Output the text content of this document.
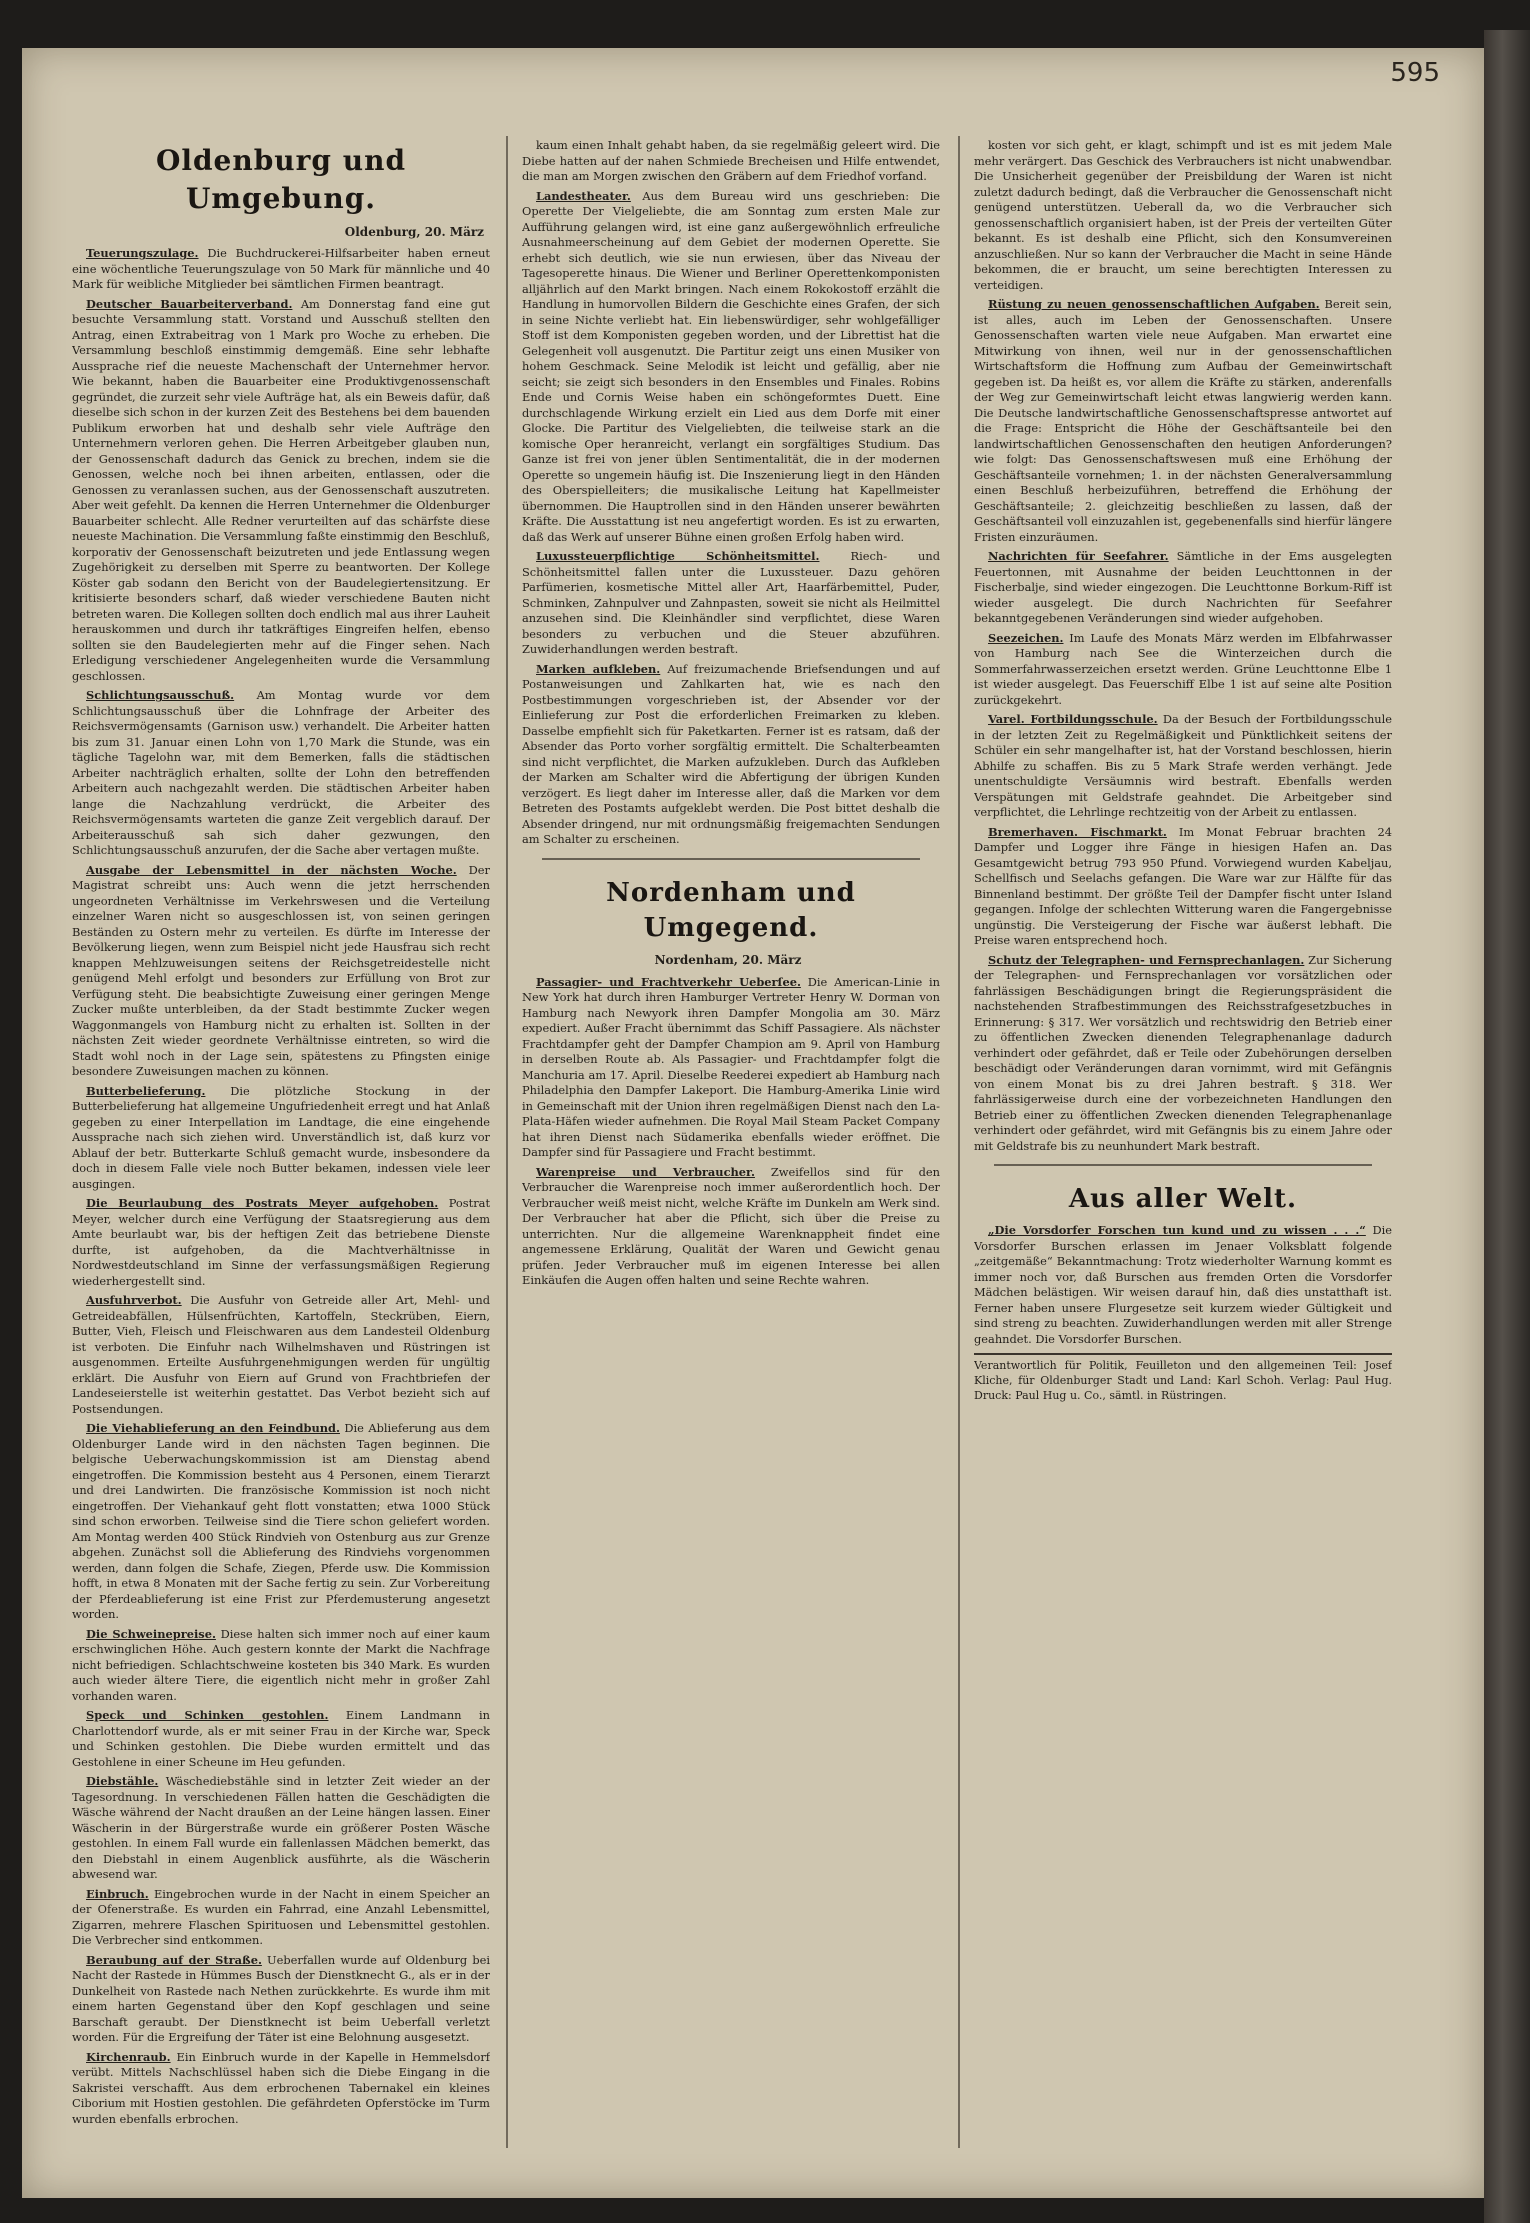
595
Oldenburg und Umgebung.
Oldenburg, 20. März

Teuerungszulage. Die Buchdruckerei-Hilfsarbeiter haben erneut eine wöchentliche Teuerungszulage von 50 Mark für männliche und 40 Mark für weibliche Mitglieder bei sämtlichen Firmen beantragt.

Deutscher Bauarbeiterverband. Am Donnerstag fand eine gut besuchte Versammlung statt. Vorstand und Ausschuß stellten den Antrag, einen Extrabeitrag von 1 Mark pro Woche zu erheben. Die Versammlung beschloß einstimmig demgemäß. Eine sehr lebhafte Aussprache rief die neueste Machenschaft der Unternehmer hervor. Wie bekannt, haben die Bauarbeiter eine Produktivgenossenschaft gegründet, die zurzeit sehr viele Aufträge hat, als ein Beweis dafür, daß dieselbe sich schon in der kurzen Zeit des Bestehens bei dem bauenden Publikum erworben hat und deshalb sehr viele Aufträge den Unternehmern verloren gehen. Die Herren Arbeitgeber glauben nun, der Genossenschaft dadurch das Genick zu brechen, indem sie die Genossen, welche noch bei ihnen arbeiten, entlassen, oder die Genossen zu veranlassen suchen, aus der Genossenschaft auszutreten. Aber weit gefehlt. Da kennen die Herren Unternehmer die Oldenburger Bauarbeiter schlecht. Alle Redner verurteilten auf das schärfste diese neueste Machination. Die Versammlung faßte einstimmig den Beschluß, korporativ der Genossenschaft beizutreten und jede Entlassung wegen Zugehörigkeit zu derselben mit Sperre zu beantworten. Der Kollege Köster gab sodann den Bericht von der Baudelegiertensitzung. Er kritisierte besonders scharf, daß wieder verschiedene Bauten nicht betreten waren. Die Kollegen sollten doch endlich mal aus ihrer Lauheit herauskommen und durch ihr tatkräftiges Eingreifen helfen, ebenso sollten sie den Baudelegierten mehr auf die Finger sehen. Nach Erledigung verschiedener Angelegenheiten wurde die Versammlung geschlossen.

Schlichtungsausschuß. Am Montag wurde vor dem Schlichtungsausschuß über die Lohnfrage der Arbeiter des Reichsvermögensamts (Garnison usw.) verhandelt. Die Arbeiter hatten bis zum 31. Januar einen Lohn von 1,70 Mark die Stunde, was ein tägliche Tagelohn war, mit dem Bemerken, falls die städtischen Arbeiter nachträglich erhalten, sollte der Lohn den betreffenden Arbeitern auch nachgezahlt werden. Die städtischen Arbeiter haben lange die Nachzahlung verdrückt, die Arbeiter des Reichsvermögensamts warteten die ganze Zeit vergeblich darauf. Der Arbeiterausschuß sah sich daher gezwungen, den Schlichtungsausschuß anzurufen, der die Sache aber vertagen mußte.

Ausgabe der Lebensmittel in der nächsten Woche. Der Magistrat schreibt uns: Auch wenn die jetzt herrschenden ungeordneten Verhältnisse im Verkehrswesen und die Verteilung einzelner Waren nicht so ausgeschlossen ist, von seinen geringen Beständen zu Ostern mehr zu verteilen. Es dürfte im Interesse der Bevölkerung liegen, wenn zum Beispiel nicht jede Hausfrau sich recht knappen Mehlzuweisungen seitens der Reichsgetreidestelle nicht genügend Mehl erfolgt und besonders zur Erfüllung von Brot zur Verfügung steht. Die beabsichtigte Zuweisung einer geringen Menge Zucker mußte unterbleiben, da der Stadt bestimmte Zucker wegen Waggonmangels von Hamburg nicht zu erhalten ist. Sollten in der nächsten Zeit wieder geordnete Verhältnisse eintreten, so wird die Stadt wohl noch in der Lage sein, spätestens zu Pfingsten einige besondere Zuweisungen machen zu können.

Butterbelieferung. Die plötzliche Stockung in der Butterbelieferung hat allgemeine Ungufriedenheit erregt und hat Anlaß gegeben zu einer Interpellation im Landtage, die eine eingehende Aussprache nach sich ziehen wird. Unverständlich ist, daß kurz vor Ablauf der betr. Butterkarte Schluß gemacht wurde, insbesondere da doch in diesem Falle viele noch Butter bekamen, indessen viele leer ausgingen.

Die Beurlaubung des Postrats Meyer aufgehoben. Postrat Meyer, welcher durch eine Verfügung der Staatsregierung aus dem Amte beurlaubt war, bis der heftigen Zeit das betriebene Dienste durfte, ist aufgehoben, da die Machtverhältnisse in Nordwestdeutschland im Sinne der verfassungsmäßigen Regierung wiederhergestellt sind.

Ausfuhrverbot. Die Ausfuhr von Getreide aller Art, Mehl- und Getreideabfällen, Hülsenfrüchten, Kartoffeln, Steckrüben, Eiern, Butter, Vieh, Fleisch und Fleischwaren aus dem Landesteil Oldenburg ist verboten. Die Einfuhr nach Wilhelmshaven und Rüstringen ist ausgenommen. Erteilte Ausfuhrgenehmigungen werden für ungültig erklärt. Die Ausfuhr von Eiern auf Grund von Frachtbriefen der Landeseierstelle ist weiterhin gestattet. Das Verbot bezieht sich auf Postsendungen.

Die Viehablieferung an den Feindbund. Die Ablieferung aus dem Oldenburger Lande wird in den nächsten Tagen beginnen. Die belgische Ueberwachungskommission ist am Dienstag abend eingetroffen. Die Kommission besteht aus 4 Personen, einem Tierarzt und drei Landwirten. Die französische Kommission ist noch nicht eingetroffen. Der Viehankauf geht flott vonstatten; etwa 1000 Stück sind schon erworben. Teilweise sind die Tiere schon geliefert worden. Am Montag werden 400 Stück Rindvieh von Ostenburg aus zur Grenze abgehen. Zunächst soll die Ablieferung des Rindviehs vorgenommen werden, dann folgen die Schafe, Ziegen, Pferde usw. Die Kommission hofft, in etwa 8 Monaten mit der Sache fertig zu sein. Zur Vorbereitung der Pferdeablieferung ist eine Frist zur Pferdemusterung angesetzt worden.

Die Schweinepreise. Diese halten sich immer noch auf einer kaum erschwinglichen Höhe. Auch gestern konnte der Markt die Nachfrage nicht befriedigen. Schlachtschweine kosteten bis 340 Mark. Es wurden auch wieder ältere Tiere, die eigentlich nicht mehr in großer Zahl vorhanden waren.

Speck und Schinken gestohlen. Einem Landmann in Charlottendorf wurde, als er mit seiner Frau in der Kirche war, Speck und Schinken gestohlen. Die Diebe wurden ermittelt und das Gestohlene in einer Scheune im Heu gefunden.

Diebstähle. Wäschediebstähle sind in letzter Zeit wieder an der Tagesordnung. In verschiedenen Fällen hatten die Geschädigten die Wäsche während der Nacht draußen an der Leine hängen lassen. Einer Wäscherin in der Bürgerstraße wurde ein größerer Posten Wäsche gestohlen. In einem Fall wurde ein fallenlassen Mädchen bemerkt, das den Diebstahl in einem Augenblick ausführte, als die Wäscherin abwesend war.

Einbruch. Eingebrochen wurde in der Nacht in einem Speicher an der Ofenerstraße. Es wurden ein Fahrrad, eine Anzahl Lebensmittel, Zigarren, mehrere Flaschen Spirituosen und Lebensmittel gestohlen. Die Verbrecher sind entkommen.

Beraubung auf der Straße. Ueberfallen wurde auf Oldenburg bei Nacht der Rastede in Hümmes Busch der Dienstknecht G., als er in der Dunkelheit von Rastede nach Nethen zurückkehrte. Es wurde ihm mit einem harten Gegenstand über den Kopf geschlagen und seine Barschaft geraubt. Der Dienstknecht ist beim Ueberfall verletzt worden. Für die Ergreifung der Täter ist eine Belohnung ausgesetzt.

Kirchenraub. Ein Einbruch wurde in der Kapelle in Hemmelsdorf verübt. Mittels Nachschlüssel haben sich die Diebe Eingang in die Sakristei verschafft. Aus dem erbrochenen Tabernakel ein kleines Ciborium mit Hostien gestohlen. Die gefährdeten Opferstöcke im Turm wurden ebenfalls erbrochen.

kaum einen Inhalt gehabt haben, da sie regelmäßig geleert wird. Die Diebe hatten auf der nahen Schmiede Brecheisen und Hilfe entwendet, die man am Morgen zwischen den Gräbern auf dem Friedhof vorfand.

Landestheater. Aus dem Bureau wird uns geschrieben: Die Operette Der Vielgeliebte, die am Sonntag zum ersten Male zur Aufführung gelangen wird, ist eine ganz außergewöhnlich erfreuliche Ausnahmeerscheinung auf dem Gebiet der modernen Operette. Sie erhebt sich deutlich, wie sie nun erwiesen, über das Niveau der Tagesoperette hinaus. Die Wiener und Berliner Operettenkomponisten alljährlich auf den Markt bringen. Nach einem Rokokostoff erzählt die Handlung in humorvollen Bildern die Geschichte eines Grafen, der sich in seine Nichte verliebt hat. Ein liebenswürdiger, sehr wohlgefälliger Stoff ist dem Komponisten gegeben worden, und der Librettist hat die Gelegenheit voll ausgenutzt. Die Partitur zeigt uns einen Musiker von hohem Geschmack. Seine Melodik ist leicht und gefällig, aber nie seicht; sie zeigt sich besonders in den Ensembles und Finales. Robins Ende und Cornis Weise haben ein schöngeformtes Duett. Eine durchschlagende Wirkung erzielt ein Lied aus dem Dorfe mit einer Glocke. Die Partitur des Vielgeliebten, die teilweise stark an die komische Oper heranreicht, verlangt ein sorgfältiges Studium. Das Ganze ist frei von jener üblen Sentimentalität, die in der modernen Operette so ungemein häufig ist. Die Inszenierung liegt in den Händen des Oberspielleiters; die musikalische Leitung hat Kapellmeister übernommen. Die Hauptrollen sind in den Händen unserer bewährten Kräfte. Die Ausstattung ist neu angefertigt worden. Es ist zu erwarten, daß das Werk auf unserer Bühne einen großen Erfolg haben wird.

Luxussteuerpflichtige Schönheitsmittel.	Riech- und Schönheitsmittel fallen unter die Luxussteuer. Dazu gehören Parfümerien, kosmetische Mittel aller Art, Haarfärbemittel, Puder, Schminken, Zahnpulver und Zahnpasten, soweit sie nicht als Heilmittel anzusehen sind. Die Kleinhändler sind verpflichtet, diese Waren besonders zu verbuchen und die Steuer abzuführen. Zuwiderhandlungen werden bestraft.

Marken aufkleben. Auf freizumachende Briefsendungen und auf Postanweisungen und Zahlkarten hat, wie es nach den Postbestimmungen vorgeschrieben ist, der Absender vor der Einlieferung zur Post die erforderlichen Freimarken zu kleben. Dasselbe empfiehlt sich für Paketkarten. Ferner ist es ratsam, daß der Absender das Porto vorher sorgfältig ermittelt. Die Schalterbeamten sind nicht verpflichtet, die Marken aufzukleben. Durch das Aufkleben der Marken am Schalter wird die Abfertigung der übrigen Kunden verzögert. Es liegt daher im Interesse aller, daß die Marken vor dem Betreten des Postamts aufgeklebt werden. Die Post bittet deshalb die Absender dringend, nur mit ordnungsmäßig freigemachten Sendungen am Schalter zu erscheinen.

Nordenham und Umgegend.
Nordenham, 20. März

Passagier- und Frachtverkehr Ueberſee. Die American-Linie in New York hat durch ihren Hamburger Vertreter Henry W. Dorman von Hamburg nach Newyork ihren Dampfer Mongolia am 30. März expediert. Außer Fracht übernimmt das Schiff Passagiere. Als nächster Frachtdampfer geht der Dampfer Champion am 9. April von Hamburg in derselben Route ab. Als Passagier- und Frachtdampfer folgt die Manchuria am 17. April. Dieselbe Reederei expediert ab Hamburg nach Philadelphia den Dampfer Lakeport. Die Hamburg-Amerika Linie wird in Gemeinschaft mit der Union ihren regelmäßigen Dienst nach den La-Plata-Häfen wieder aufnehmen. Die Royal Mail Steam Packet Company hat ihren Dienst nach Südamerika ebenfalls wieder eröffnet. Die Dampfer sind für Passagiere und Fracht bestimmt.

Warenpreise und Verbraucher. Zweifellos sind für den Verbraucher die Warenpreise noch immer außerordentlich hoch. Der Verbraucher weiß meist nicht, welche Kräfte im Dunkeln am Werk sind. Der Verbraucher hat aber die Pflicht, sich über die Preise zu unterrichten. Nur die allgemeine Warenknappheit findet eine angemessene Erklärung, Qualität der Waren und Gewicht genau prüfen. Jeder Verbraucher muß im eigenen Interesse bei allen Einkäufen die Augen offen halten und seine Rechte wahren.

kosten vor sich geht, er klagt, schimpft und ist es mit jedem Male mehr verärgert. Das Geschick des Verbrauchers ist nicht unabwendbar. Die Unsicherheit gegenüber der Preisbildung der Waren ist nicht zuletzt dadurch bedingt, daß die Verbraucher die Genossenschaft nicht genügend unterstützen. Ueberall da, wo die Verbraucher sich genossenschaftlich organisiert haben, ist der Preis der verteilten Güter bekannt. Es ist deshalb eine Pflicht, sich den Konsumvereinen anzuschließen. Nur so kann der Verbraucher die Macht in seine Hände bekommen, die er braucht, um seine berechtigten Interessen zu verteidigen.

Rüstung zu neuen genossenschaftlichen Aufgaben. Bereit sein, ist alles, auch im Leben der Genossenschaften. Unsere Genossenschaften warten viele neue Aufgaben. Man erwartet eine Mitwirkung von ihnen, weil nur in der genossenschaftlichen Wirtschaftsform die Hoffnung zum Aufbau der Gemeinwirtschaft gegeben ist. Da heißt es, vor allem die Kräfte zu stärken, anderenfalls der Weg zur Gemeinwirtschaft leicht etwas langwierig werden kann. Die Deutsche landwirtschaftliche Genossenschaftspresse antwortet auf die Frage: Entspricht die Höhe der Geschäftsanteile bei den landwirtschaftlichen Genossenschaften den heutigen Anforderungen? wie folgt: Das Genossenschaftswesen muß eine Erhöhung der Geschäftsanteile vornehmen; 1. in der nächsten Generalversammlung einen Beschluß herbeizuführen, betreffend die Erhöhung der Geschäftsanteile; 2. gleichzeitig beschließen zu lassen, daß der Geschäftsanteil voll einzuzahlen ist, gegebenenfalls sind hierfür längere Fristen einzuräumen.

Nachrichten für Seefahrer. Sämtliche in der Ems ausgelegten Feuertonnen, mit Ausnahme der beiden Leuchttonnen in der Fischerbalje, sind wieder eingezogen. Die Leuchttonne Borkum-Riff ist wieder ausgelegt. Die durch Nachrichten für Seefahrer bekanntgegebenen Veränderungen sind wieder aufgehoben.

Seezeichen. Im Laufe des Monats März werden im Elbfahrwasser von Hamburg nach See die Winterzeichen durch die Sommerfahrwasserzeichen ersetzt werden. Grüne Leuchttonne Elbe 1 ist wieder ausgelegt. Das Feuerschiff Elbe 1 ist auf seine alte Position zurückgekehrt.

Varel. Fortbildungsschule. Da der Besuch der Fortbildungsschule in der letzten Zeit zu Regelmäßigkeit und Pünktlichkeit seitens der Schüler ein sehr mangelhafter ist, hat der Vorstand beschlossen, hierin Abhilfe zu schaffen. Bis zu 5 Mark Strafe werden verhängt. Jede unentschuldigte Versäumnis wird bestraft. Ebenfalls werden Verspätungen mit Geldstrafe geahndet. Die Arbeitgeber sind verpflichtet, die Lehrlinge rechtzeitig von der Arbeit zu entlassen.

Bremerhaven. Fischmarkt. Im Monat Februar brachten 24 Dampfer und Logger ihre Fänge in hiesigen Hafen an. Das Gesamtgewicht betrug 793 950 Pfund. Vorwiegend wurden Kabeljau, Schellfisch und Seelachs gefangen. Die Ware war zur Hälfte für das Binnenland bestimmt. Der größte Teil der Dampfer fischt unter Island gegangen. Infolge der schlechten Witterung waren die Fangergebnisse ungünstig. Die Versteigerung der Fische war äußerst lebhaft. Die Preise waren entsprechend hoch.

Schutz der Telegraphen- und Fernsprechanlagen. Zur Sicherung der Telegraphen- und Fernsprechanlagen vor vorsätzlichen oder fahrlässigen Beschädigungen bringt die Regierungspräsident die nachstehenden Strafbestimmungen des Reichsstrafgesetzbuches in Erinnerung: § 317. Wer vorsätzlich und rechtswidrig den Betrieb einer zu öffentlichen Zwecken dienenden Telegraphenanlage dadurch verhindert oder gefährdet, daß er Teile oder Zubehörungen derselben beschädigt oder Veränderungen daran vornimmt, wird mit Gefängnis von einem Monat bis zu drei Jahren bestraft. § 318. Wer fahrlässigerweise durch eine der vorbezeichneten Handlungen den Betrieb einer zu öffentlichen Zwecken dienenden Telegraphenanlage verhindert oder gefährdet, wird mit Gefängnis bis zu einem Jahre oder mit Geldstrafe bis zu neunhundert Mark bestraft.

Aus aller Welt.

„Die Vorsdorfer Forschen tun kund und zu wissen . . .“ Die Vorsdorfer Burschen erlassen im Jenaer Volksblatt folgende „zeitgemäße“ Bekanntmachung: Trotz wiederholter Warnung kommt es immer noch vor, daß Burschen aus fremden Orten die Vorsdorfer Mädchen belästigen. Wir weisen darauf hin, daß dies unstatthaft ist. Ferner haben unsere Flurgesetze seit kurzem wieder Gültigkeit und sind streng zu beachten. Zuwiderhandlungen werden mit aller Strenge geahndet. Die Vorsdorfer Burschen.

Verantwortlich für Politik, Feuilleton und den allgemeinen Teil: Josef Kliche, für Oldenburger Stadt und Land: Karl Schoh. Verlag: Paul Hug. Druck: Paul Hug u. Co., sämtl. in Rüstringen.
